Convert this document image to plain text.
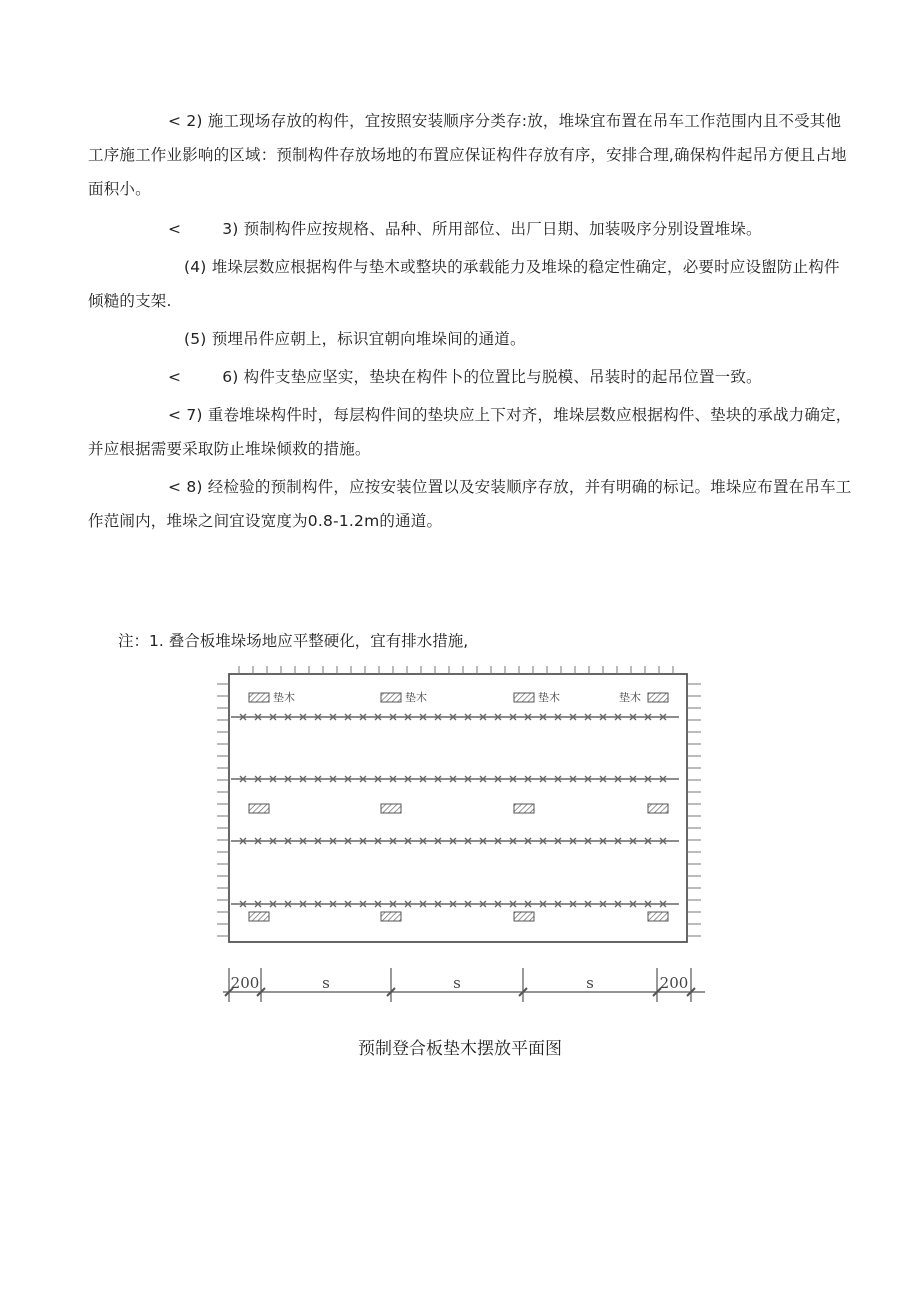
< 2) 施工现场存放的构件，宜按照安装顺序分类存:放，堆垛宜布置在吊车工作范围内且不受其他工序施工作业影响的区域：预制构件存放场地的布置应保证构件存放有序，安排合理,确保构件起吊方便且占地面积小。

<        3) 预制构件应按规格、品种、所用部位、出厂日期、加装吸序分别设置堆垛。

(4) 堆垛层数应根据构件与垫木或整块的承载能力及堆垛的稳定性确定，必要时应设盥防止构件倾糙的支架.

(5) 预埋吊件应朝上，标识宜朝向堆垛间的通道。

<        6) 构件支垫应坚实，垫块在构件卜的位置比与脱模、吊装时的起吊位置一致。

< 7) 重卷堆垛构件时，每层构件间的垫块应上下对齐，堆垛层数应根据构件、垫块的承战力确定，并应根据需要采取防止堆垛倾救的措施。

< 8) 经检验的预制构件，应按安装位置以及安装顺序存放，并有明确的标记。堆垛应布置在吊车工作范闹内，堆垛之间宜设宽度为0.8-1.2m的通道。

注：1. 叠合板堆垛场地应平整硬化，宜有排水措施,
垫木	垫木	垫木	垫木
200	s	s	s	200
预制登合板垫木摆放平面图
